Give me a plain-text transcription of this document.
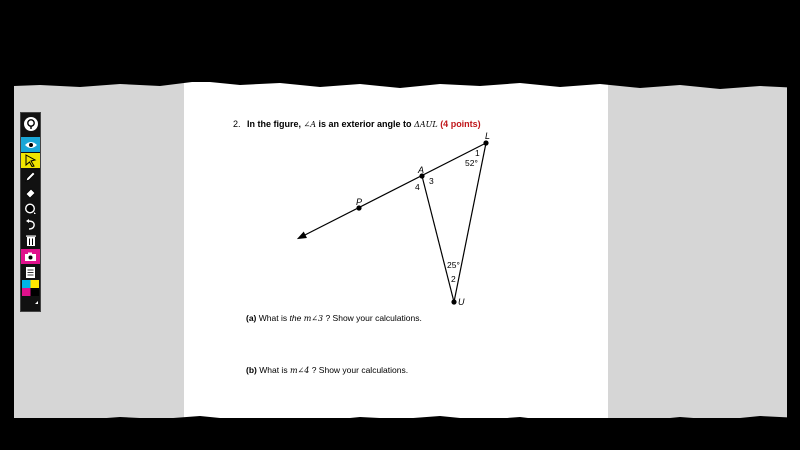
2. In the figure, ∠A is an exterior angle to ΔAUL (4 points)
L
A
P
U
1
52°
3
4
25°
2
(a) What is the m∠3 ? Show your calculations.
(b) What is m∠4 ? Show your calculations.
